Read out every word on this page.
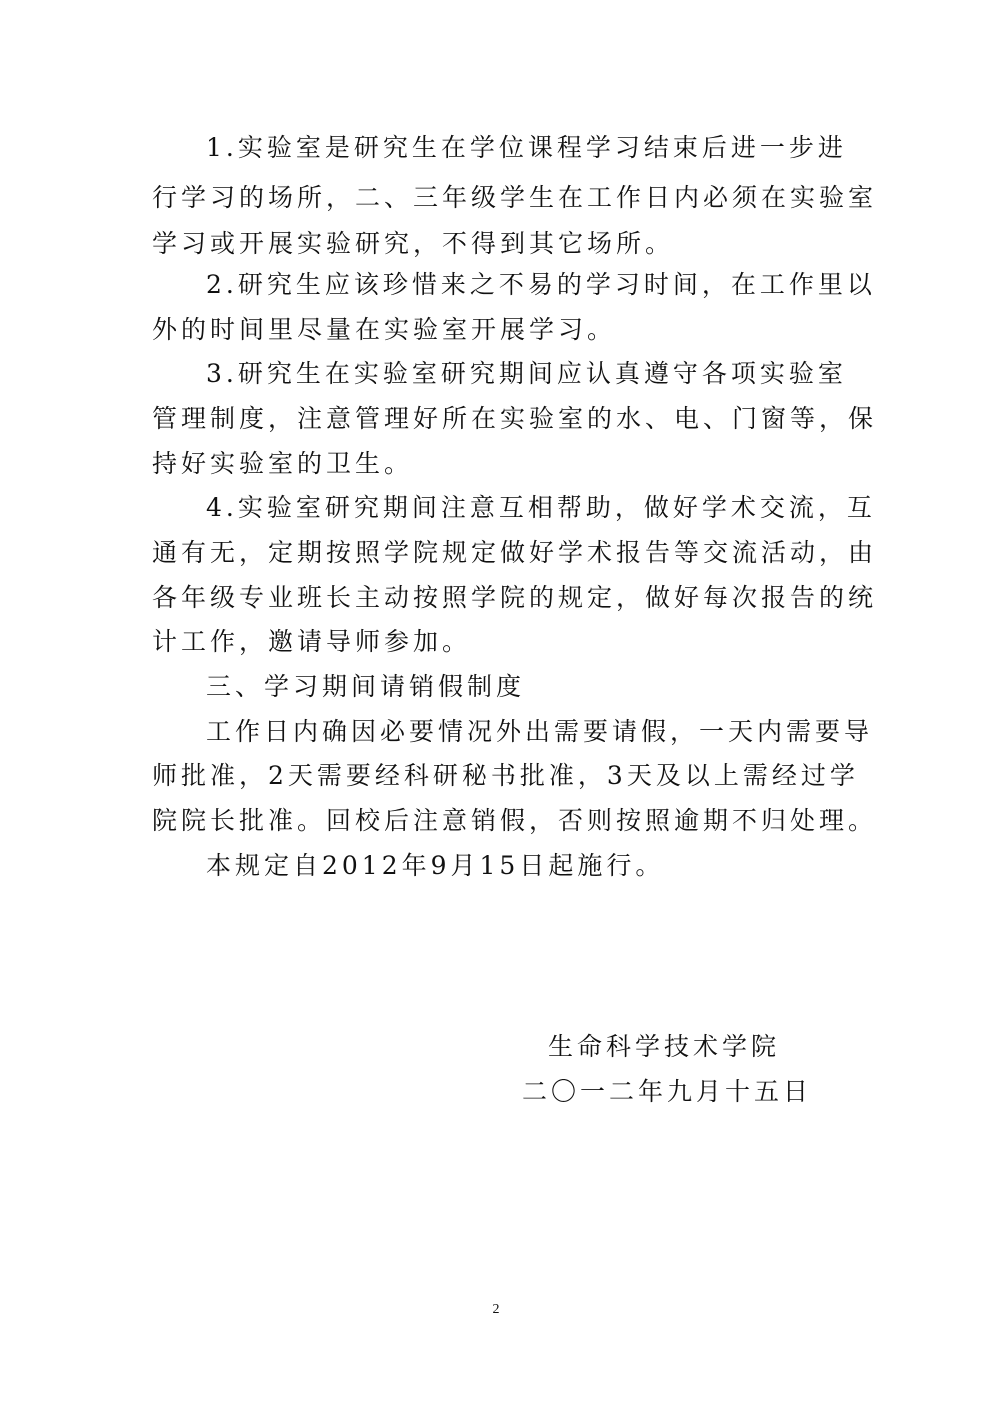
1.实验室是研究生在学位课程学习结束后进一步进
行学习的场所，二、三年级学生在工作日内必须在实验室
学习或开展实验研究，不得到其它场所。
2.研究生应该珍惜来之不易的学习时间，在工作里以
外的时间里尽量在实验室开展学习。
3.研究生在实验室研究期间应认真遵守各项实验室
管理制度，注意管理好所在实验室的水、电、门窗等，保
持好实验室的卫生。
4.实验室研究期间注意互相帮助，做好学术交流，互
通有无，定期按照学院规定做好学术报告等交流活动，由
各年级专业班长主动按照学院的规定，做好每次报告的统
计工作，邀请导师参加。
三、学习期间请销假制度
工作日内确因必要情况外出需要请假，一天内需要导
师批准，2天需要经科研秘书批准，3天及以上需经过学
院院长批准。回校后注意销假，否则按照逾期不归处理。
本规定自2012年9月15日起施行。
生命科学技术学院
二〇一二年九月十五日
2
